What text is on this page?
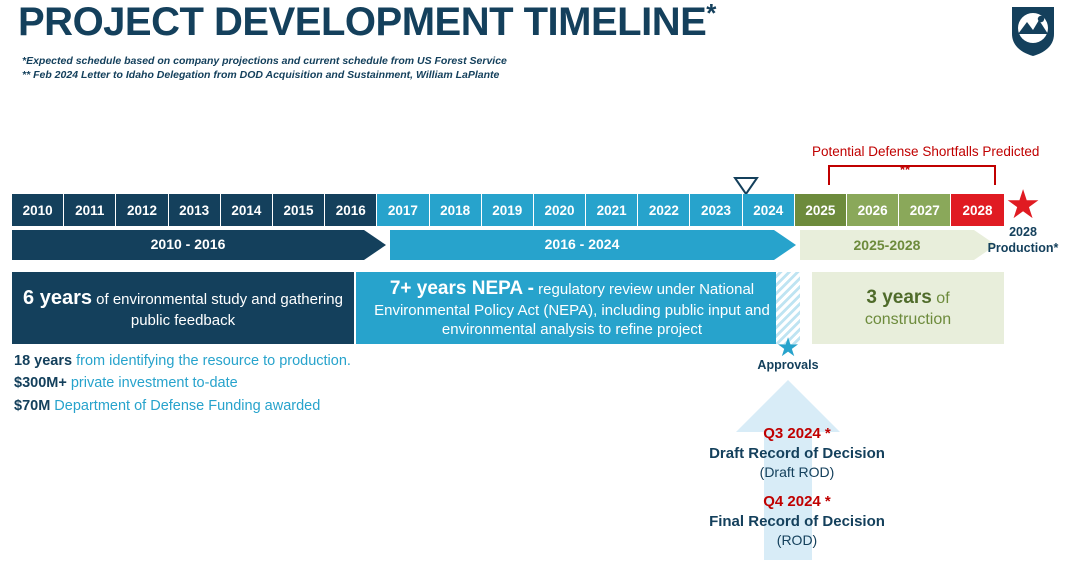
PROJECT DEVELOPMENT TIMELINE*
*Expected schedule based on company projections and current schedule from US Forest Service
** Feb 2024 Letter to Idaho Delegation from DOD Acquisition and Sustainment, William LaPlante
Potential Defense Shortfalls Predicted
**
2010	2011	2012	2013	2014	2015	2016	2017	2018	2019	2020	2021	2022	2023	2024	2025	2026	2027	2028
2010 - 2016	2016 - 2024	2025-2028
6 years of environmental study and gathering public feedback
7+ years NEPA - regulatory review under National Environmental Policy Act (NEPA), including public input and environmental analysis to refine project
3 years of construction
18 years from identifying the resource to production.
$300M+ private investment to-date
$70M Department of Defense Funding awarded
★
2028
Production*
★
Approvals
Q3 2024 *
Draft Record of Decision
(Draft ROD)
Q4 2024 *
Final Record of Decision
(ROD)
